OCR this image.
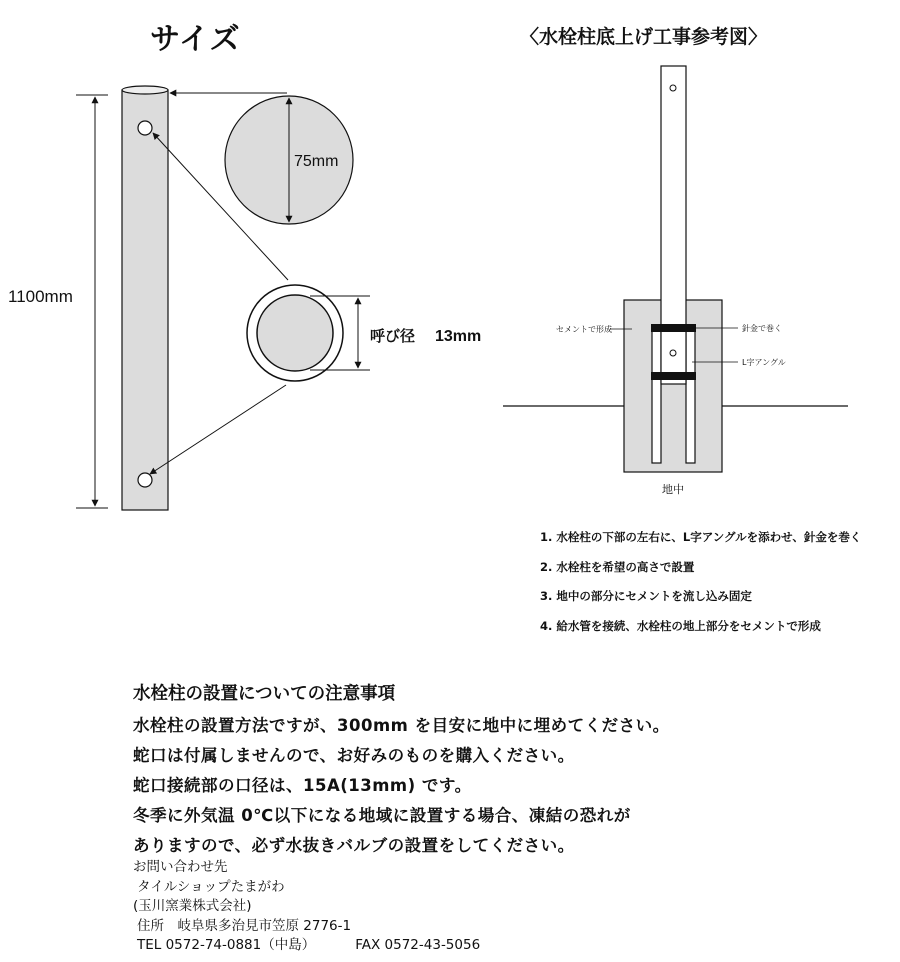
サイズ	〈水栓柱底上げ工事参考図〉
1100mm
75mm
呼び径 13mm	セメントで形成	針金で巻く
L字アングル
地中
1. 水栓柱の下部の左右に、L字アングルを添わせ、針金を巻く
2. 水栓柱を希望の高さで設置
3. 地中の部分にセメントを流し込み固定
4. 給水管を接続、水栓柱の地上部分をセメントで形成
水栓柱の設置についての注意事項
水栓柱の設置方法ですが、300mm を目安に地中に埋めてください。
蛇口は付属しませんので、お好みのものを購入ください。
蛇口接続部の口径は、15A(13mm) です。
冬季に外気温 0℃以下になる地域に設置する場合、凍結の恐れが
ありますので、必ず水抜きバルブの設置をしてください。
お問い合わせ先
タイルショップたまがわ
(玉川窯業株式会社)
住所　岐阜県多治見市笠原 2776-1
TEL 0572-74-0881（中島）	FAX 0572-43-5056
